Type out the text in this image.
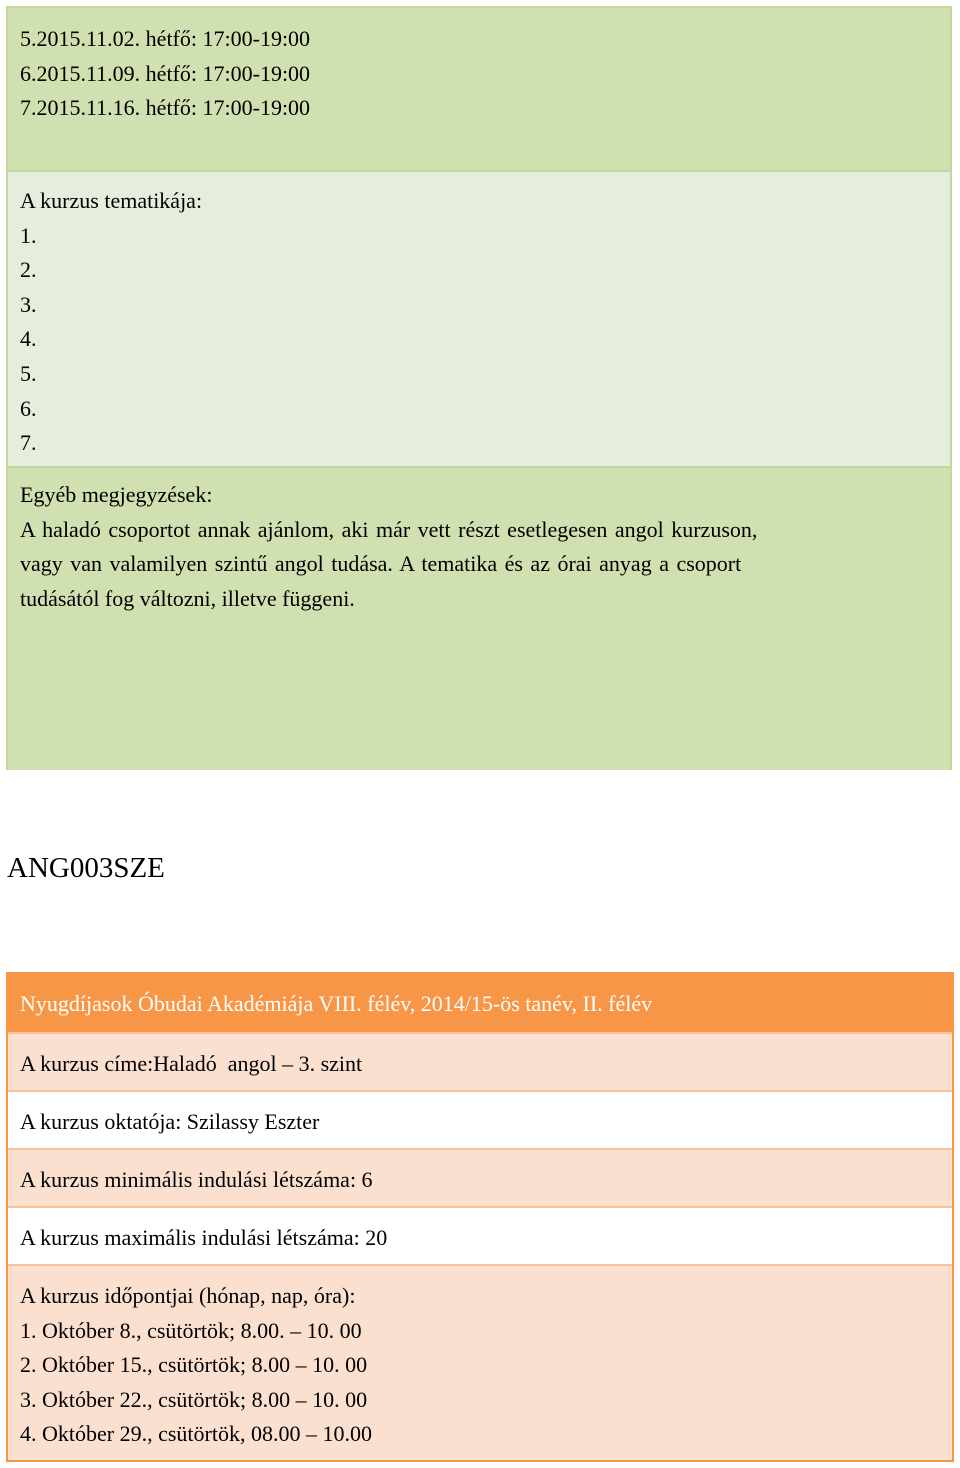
5.2015.11.02. hétfő: 17:00-19:00
6.2015.11.09. hétfő: 17:00-19:00
7.2015.11.16. hétfő: 17:00-19:00
A kurzus tematikája:
1.
2.
3.
4.
5.
6.
7.
Egyéb megjegyzések:
A haladó csoportot annak ajánlom, aki már vett részt esetlegesen angol kurzuson,
vagy van valamilyen szintű angol tudása. A tematika és az órai anyag a csoport
tudásától fog változni, illetve függeni.
ANG003SZE
Nyugdíjasok Óbudai Akadémiája VIII. félév, 2014/15-ös tanév, II. félév
A kurzus címe:Haladó  angol – 3. szint
A kurzus oktatója: Szilassy Eszter
A kurzus minimális indulási létszáma: 6
A kurzus maximális indulási létszáma: 20
A kurzus időpontjai (hónap, nap, óra):
1. Október 8., csütörtök; 8.00. – 10. 00
2. Október 15., csütörtök; 8.00 – 10. 00
3. Október 22., csütörtök; 8.00 – 10. 00
4. Október 29., csütörtök, 08.00 – 10.00
